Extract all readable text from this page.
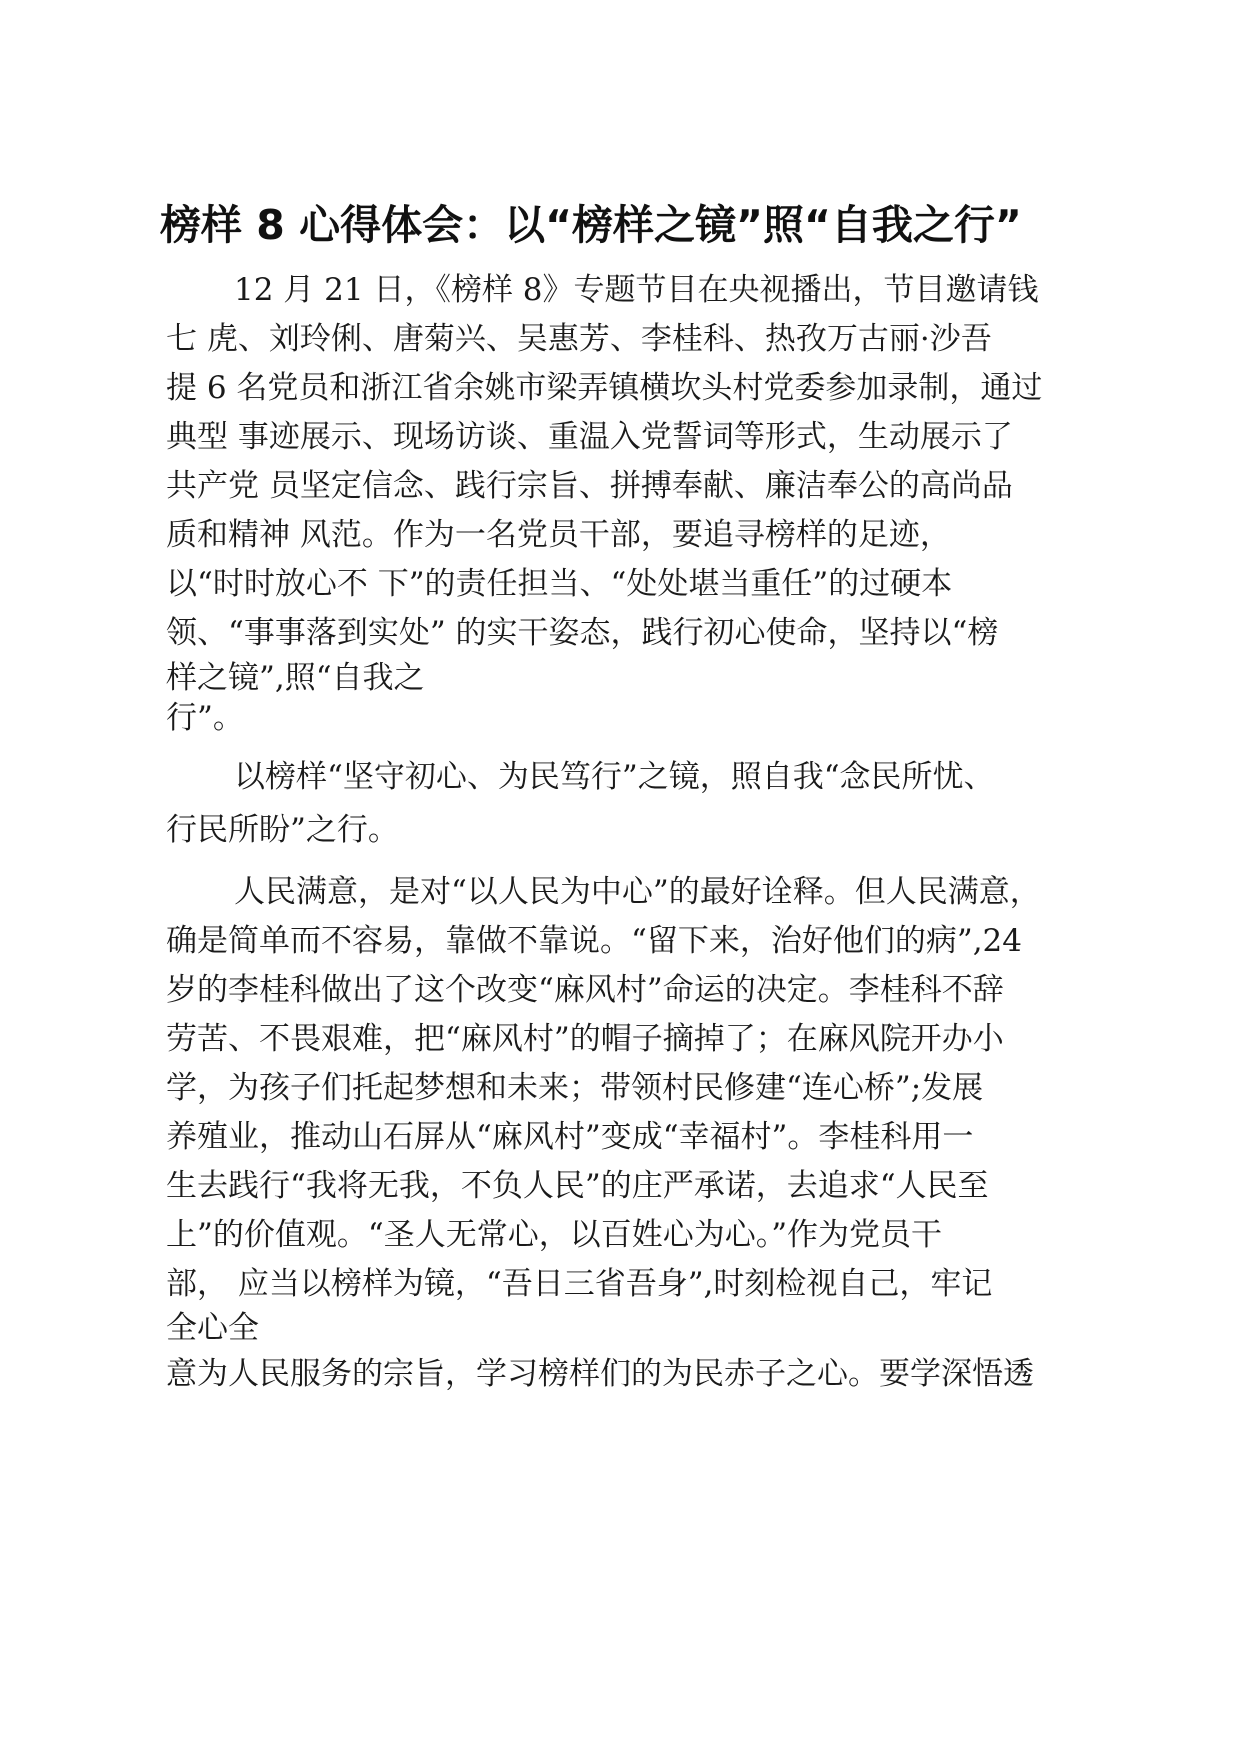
榜样 8 心得体会：以“榜样之镜”照“自我之行”

12 月 21 日，《榜样 8》专题节目在央视播出，节目邀请钱

七 虎、刘玲俐、唐菊兴、吴惠芳、李桂科、热孜万古丽·沙吾

提 6 名党员和浙江省余姚市梁弄镇横坎头村党委参加录制，通过

典型 事迹展示、现场访谈、重温入党誓词等形式，生动展示了

共产党 员坚定信念、践行宗旨、拼搏奉献、廉洁奉公的高尚品

质和精神 风范。作为一名党员干部，要追寻榜样的足迹，

以“时时放心不 下”的责任担当、“处处堪当重任”的过硬本

领、“事事落到实处” 的实干姿态，践行初心使命，坚持以“榜

样之镜”,照“自我之

行”。

以榜样“坚守初心、为民笃行”之镜，照自我“念民所忧、

行民所盼”之行。

人民满意，是对“以人民为中心”的最好诠释。但人民满意，

确是简单而不容易，靠做不靠说。“留下来，治好他们的病”,24

岁的李桂科做出了这个改变“麻风村”命运的决定。李桂科不辞

劳苦、不畏艰难，把“麻风村”的帽子摘掉了；在麻风院开办小

学，为孩子们托起梦想和未来；带领村民修建“连心桥”;发展

养殖业，推动山石屏从“麻风村”变成“幸福村”。李桂科用一

生去践行“我将无我，不负人民”的庄严承诺，去追求“人民至

上”的价值观。“圣人无常心，以百姓心为心。”作为党员干

部， 应当以榜样为镜，“吾日三省吾身”,时刻检视自己，牢记

全心全

意为人民服务的宗旨，学习榜样们的为民赤子之心。要学深悟透
